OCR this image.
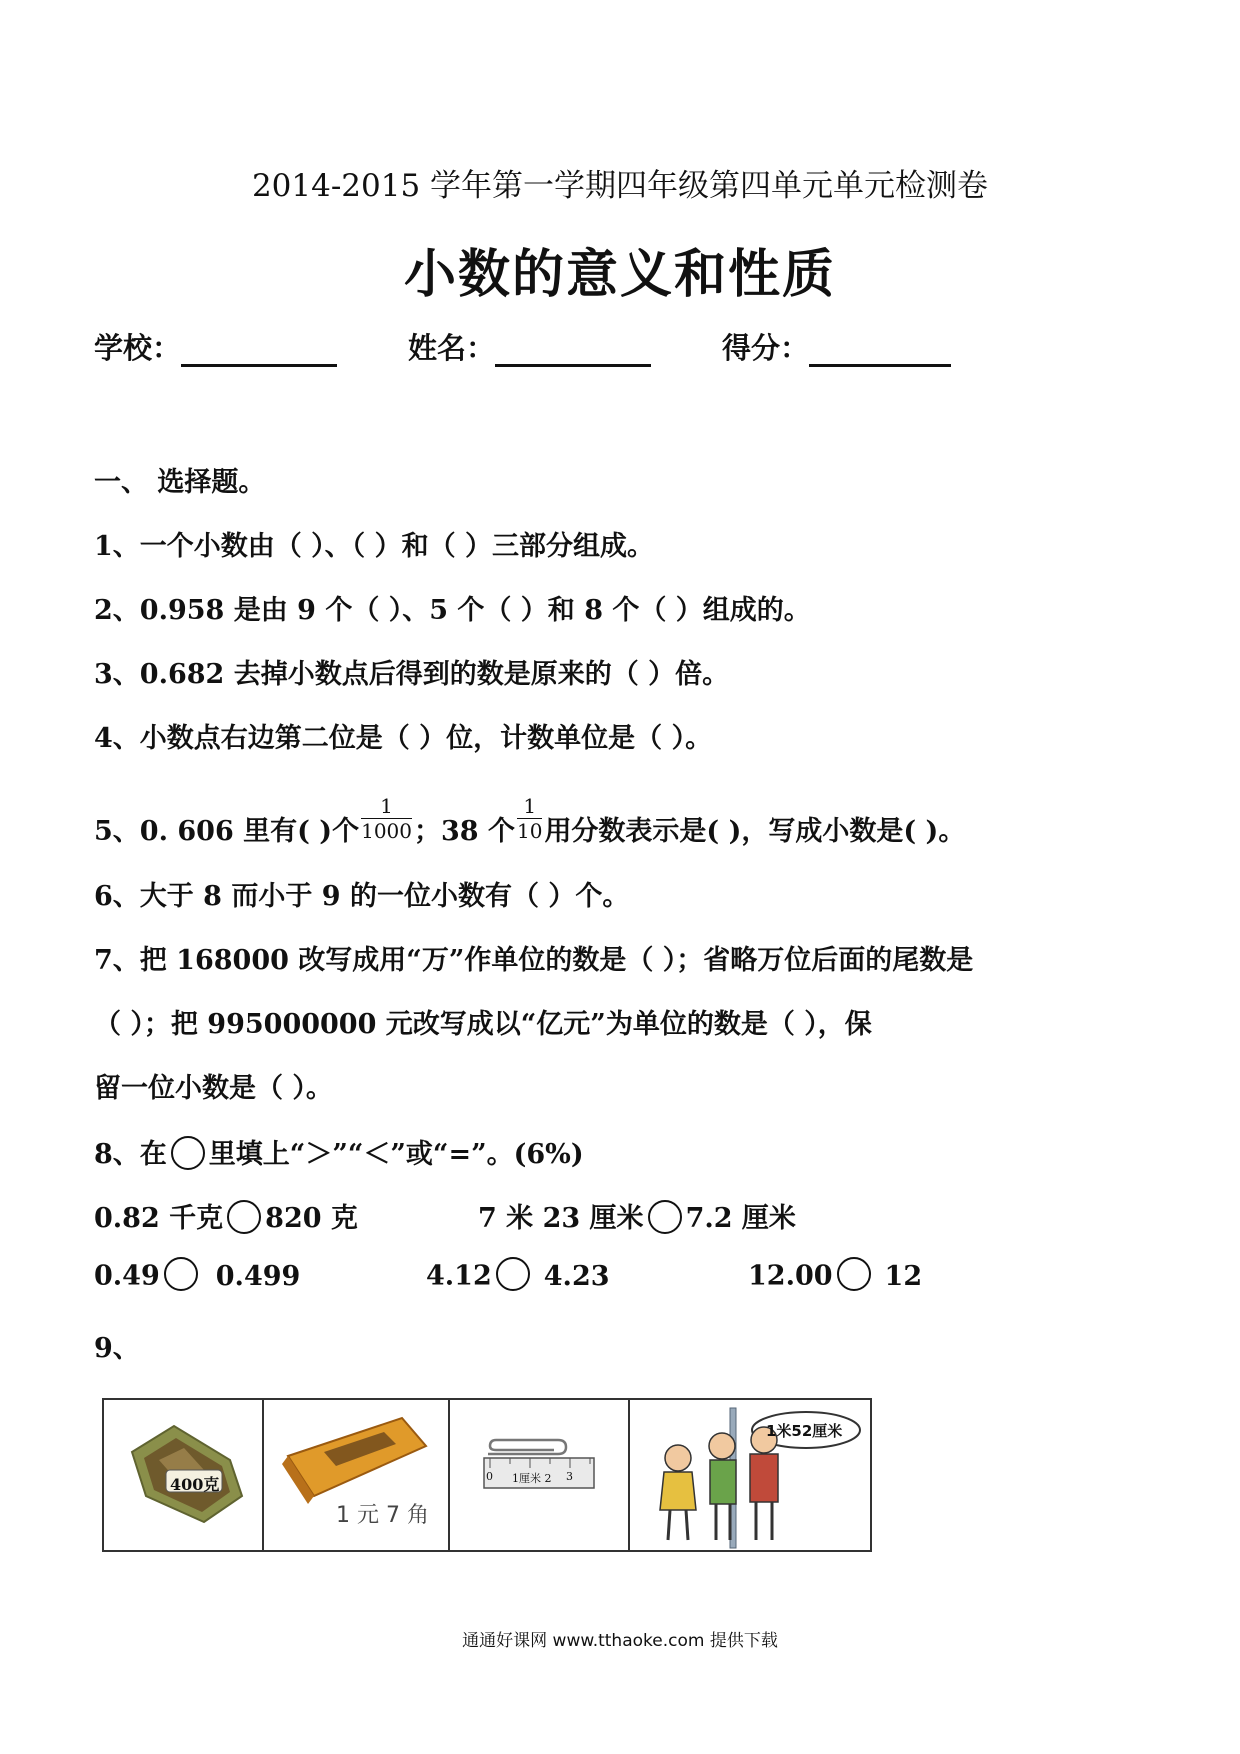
2014-2015 学年第一学期四年级第四单元单元检测卷
小数的意义和性质
学校：	姓名：	得分：
一、 选择题。
1、一个小数由（ ）、（ ）和（ ）三部分组成。
2、0.958 是由 9 个（ ）、5 个（ ）和 8 个（ ）组成的。
3、0.682 去掉小数点后得到的数是原来的（ ）倍。
4、小数点右边第二位是（ ）位，计数单位是（ ）。
5、0. 606 里有( )个 $\frac{1}{1000}$ ；38 个 $\frac{1}{10}$ 用分数表示是( )，写成小数是( )。
6、大于 8 而小于 9 的一位小数有（ ）个。
7、把 168000 改写成用“万”作单位的数是（ ）；省略万位后面的尾数是
（ ）；把 995000000 元改写成以“亿元”为单位的数是（ ），保
留一位小数是（ ）。
8、在 里填上“＞”“＜”或“=”。(6%)
0.82 千克 820 克	7 米 23 厘米 7.2 厘米
0.49 0.499	4.12 4.23	12.00 12
9、
400克
1 元 7 角
0 1厘米 2 3
1米52厘米
通通好课网 www.tthaoke.com 提供下载
